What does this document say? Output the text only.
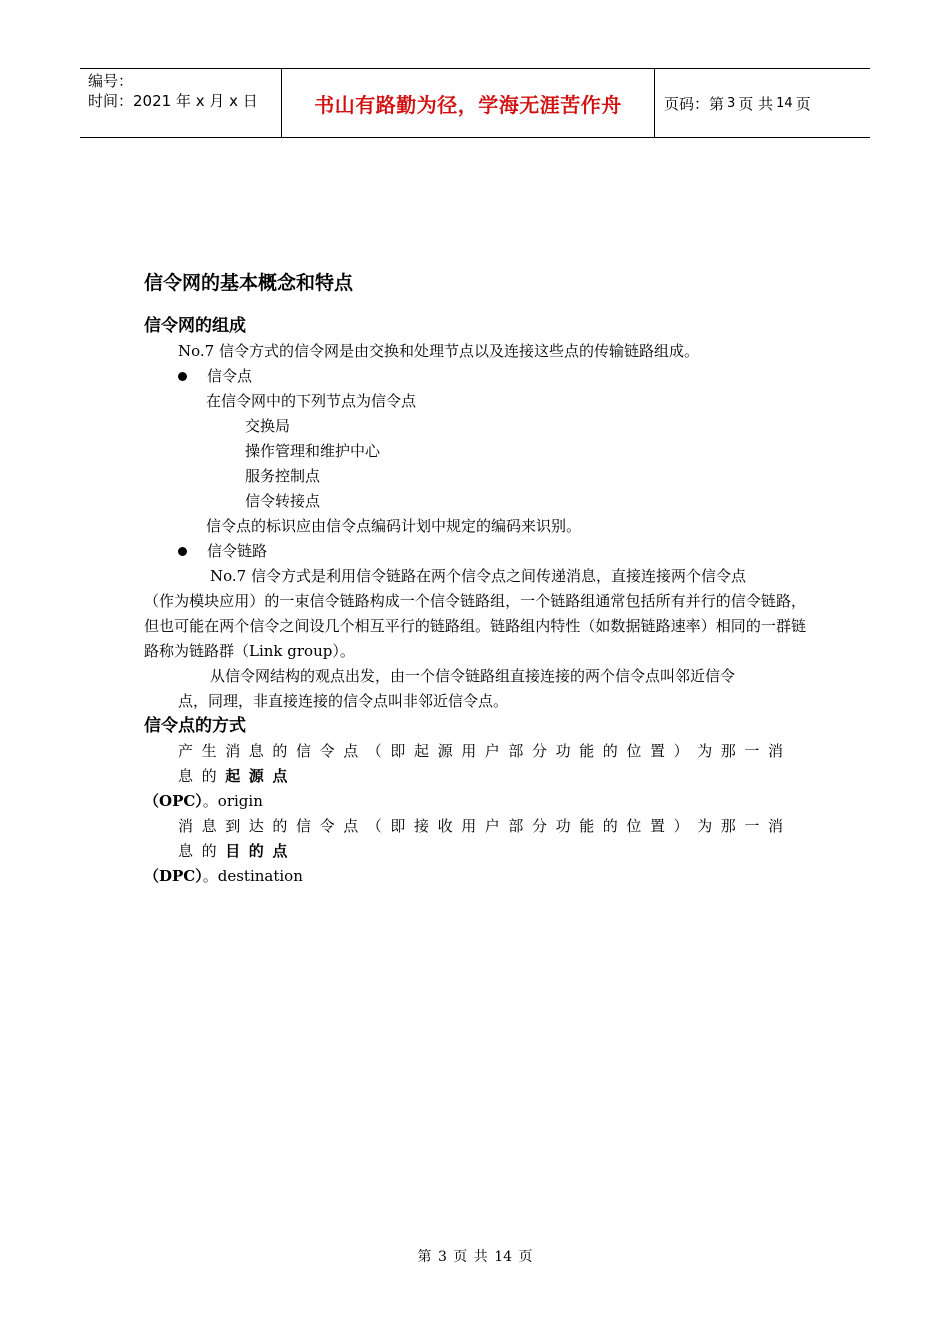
编号：
时间：2021 年 x 月 x 日	书山有路勤为径，学海无涯苦作舟	页码：第 3 页 共 14 页
信令网的基本概念和特点
信令网的组成

No.7 信令方式的信令网是由交换和处理节点以及连接这些点的传输链路组成。

信令点

在信令网中的下列节点为信令点

交换局

操作管理和维护中心

服务控制点

信令转接点

信令点的标识应由信令点编码计划中规定的编码来识别。

信令链路

No.7 信令方式是利用信令链路在两个信令点之间传递消息，直接连接两个信令点

（作为模块应用）的一束信令链路构成一个信令链路组，一个链路组通常包括所有并行的信令链路，但也可能在两个信令之间设几个相互平行的链路组。链路组内特性（如数据链路速率）相同的一群链路称为链路群（Link group）。

从信令网结构的观点出发，由一个信令链路组直接连接的两个信令点叫邻近信令

点，同理，非直接连接的信令点叫非邻近信令点。

信令点的方式

产生消息的信令点（即起源用户部分功能的位置）为那一消息的起源点

（OPC）。origin

消息到达的信令点（即接收用户部分功能的位置）为那一消息的目的点

（DPC）。destination

第 3 页 共 14 页
